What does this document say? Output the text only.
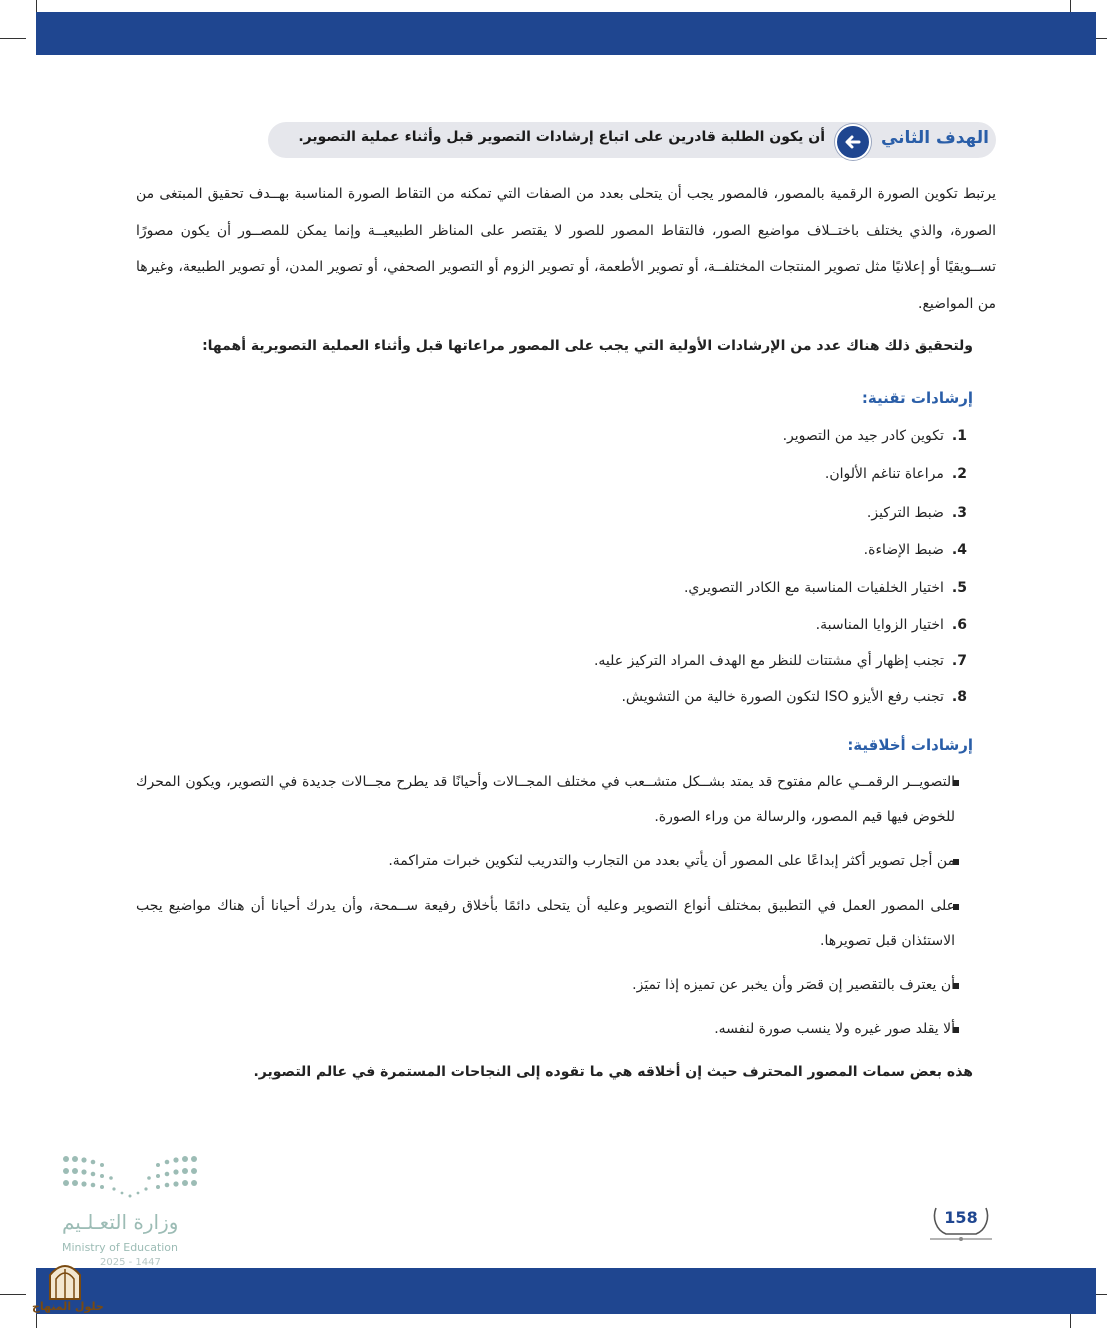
الهدف الثاني
أن يكون الطلبة قادرين على اتباع إرشادات التصوير قبل وأثناء عملية التصوير.

يرتبط تكوين الصورة الرقمية بالمصور، فالمصور يجب أن يتحلى بعدد من الصفات التي تمكنه من التقاط الصورة المناسبة بهــدف تحقيق المبتغى من الصورة، والذي يختلف باختــلاف مواضيع الصور، فالتقاط المصور للصور لا يقتصر على المناظر الطبيعيــة وإنما يمكن للمصــور أن يكون مصورًا تســويقيًا أو إعلانيًا مثل تصوير المنتجات المختلفــة، أو تصوير الأطعمة، أو تصوير الزوم أو التصوير الصحفي، أو تصوير المدن، أو تصوير الطبيعة، وغيرها من المواضيع.

ولتحقيق ذلك هناك عدد من الإرشادات الأولية التي يجب على المصور مراعاتها قبل وأثناء العملية التصويرية أهمها:
إرشادات تقنية:
1.تكوين كادر جيد من التصوير.
2.مراعاة تناغم الألوان.
3.ضبط التركيز.
4.ضبط الإضاءة.
5.اختيار الخلفيات المناسبة مع الكادر التصويري.
6.اختيار الزوايا المناسبة.
7.تجنب إظهار أي مشتتات للنظر مع الهدف المراد التركيز عليه.
8.تجنب رفع الأيزو ISO لتكون الصورة خالية من التشويش.
إرشادات أخلاقية:
التصويــر الرقمــي عالم مفتوح قد يمتد بشــكل متشــعب في مختلف المجــالات وأحيانًا قد يطرح مجــالات جديدة في التصوير، ويكون المحرك للخوض فيها قيم المصور، والرسالة من وراء الصورة.
من أجل تصوير أكثر إبداعًا على المصور أن يأتي بعدد من التجارب والتدريب لتكوين خبرات متراكمة.
على المصور العمل في التطبيق بمختلف أنواع التصوير وعليه أن يتحلى دائمًا بأخلاق رفيعة ســمحة، وأن يدرك أحيانا أن هناك مواضيع يجب الاستئذان قبل تصويرها.
أن يعترف بالتقصير إن قصَر وأن يخبر عن تميزه إذا تميَز.
ألا يقلد صور غيره ولا ينسب صورة لنفسه.
هذه بعض سمات المصور المحترف حيث إن أخلاقه هي ما تقوده إلى النجاحات المستمرة في عالم التصوير.
وزارة التعـلـيم
Ministry of Education
2025 - 1447
158
حلول المنهاج
